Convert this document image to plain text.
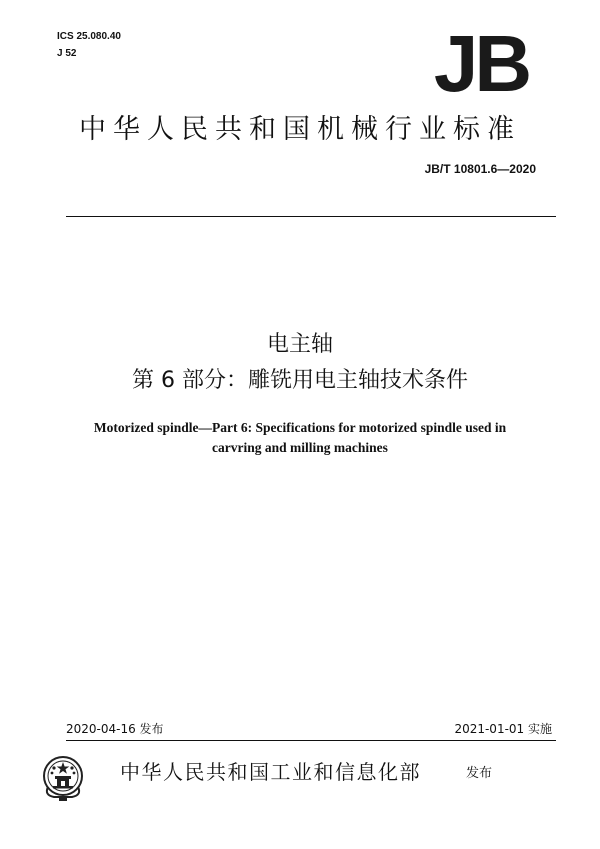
ICS 25.080.40
J 52	JB
中华人民共和国机械行业标准
JB/T 10801.6—2020
电主轴
第 6 部分：雕铣用电主轴技术条件
Motorized spindle—Part 6: Specifications for motorized spindle used in
carvring and milling machines
2020-04-16 发布	2021-01-01 实施
中华人民共和国工业和信息化部	发布
